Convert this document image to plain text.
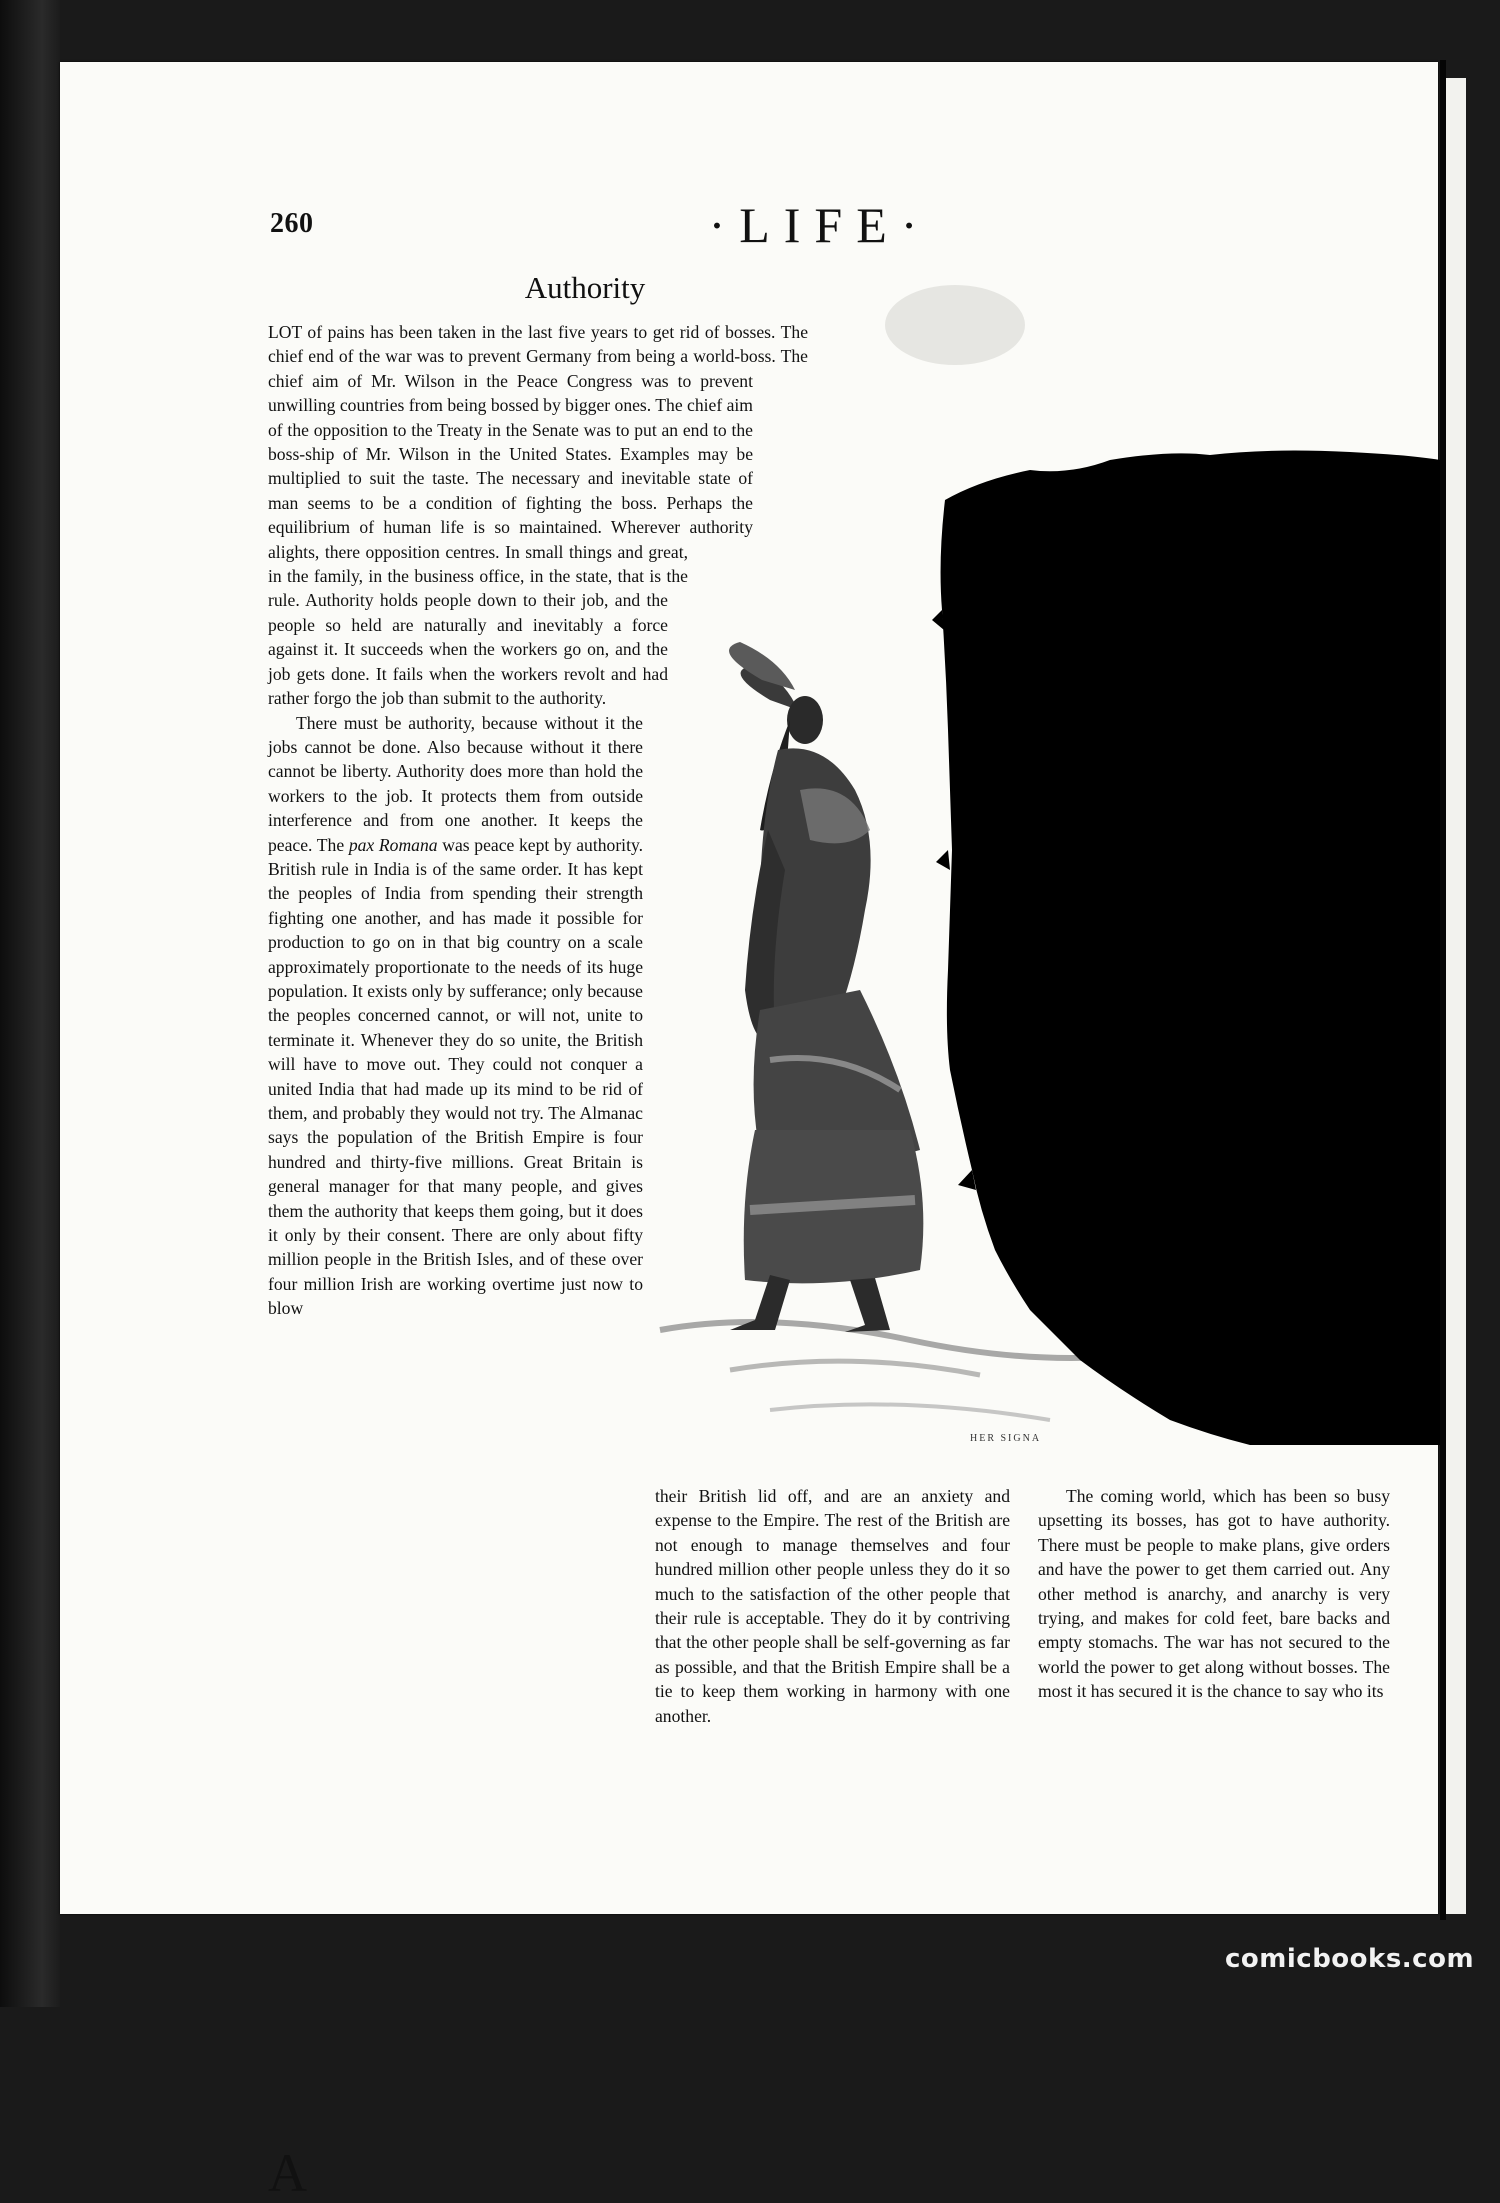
260	·LIFE·
Authority
HER SIGNA

A
LOT of pains has been taken in the last five years to get rid of bosses. The chief end of the war was to prevent Germany from being a world-boss. The chief aim of Mr. Wilson in the Peace Congress was to prevent unwilling countries from being bossed by bigger ones. The chief aim of the opposition to the Treaty in the Senate was to put an end to the boss-ship of Mr. Wilson in the United States. Examples may be multiplied to suit the taste. The necessary and inevitable state of man seems to be a condition of fighting the boss. Perhaps the equilibrium of human life is so maintained. Wherever authority alights, there opposition centres. In small things and great, in the family, in the business office, in the state, that is the rule. Authority holds people down to their job, and the people so held are naturally and inevitably a force against it. It succeeds when the workers go on, and the job gets done. It fails when the workers revolt and had rather forgo the job than submit to the authority.

There must be authority, because without it the jobs cannot be done. Also because without it there cannot be liberty. Authority does more than hold the workers to the job. It protects them from outside interference and from one another. It keeps the peace. The pax Romana was peace kept by authority. British rule in India is of the same order. It has kept the peoples of India from spending their strength fighting one another, and has made it possible for production to go on in that big country on a scale approximately proportionate to the needs of its huge population. It exists only by sufferance; only because the peoples concerned cannot, or will not, unite to terminate it. Whenever they do so unite, the British will have to move out. They could not conquer a united India that had made up its mind to be rid of them, and probably they would not try. The Almanac says the population of the British Empire is four hundred and thirty-five millions. Great Britain is general manager for that many people, and gives them the authority that keeps them going, but it does it only by their consent. There are only about fifty million people in the British Isles, and of these over four million Irish are working overtime just now to blow

their British lid off, and are an anxiety and expense to the Empire. The rest of the British are not enough to manage themselves and four hundred million other people unless they do it so much to the satisfaction of the other people that their rule is acceptable. They do it by contriving that the other people shall be self-governing as far as possible, and that the British Empire shall be a tie to keep them working in harmony with one another.

The coming world, which has been so busy upsetting its bosses, has got to have authority. There must be people to make plans, give orders and have the power to get them carried out. Any other method is anarchy, and anarchy is very trying, and makes for cold feet, bare backs and empty stomachs. The war has not secured to the world the power to get along without bosses. The most it has secured it is the chance to say who its

comicbooks.com
